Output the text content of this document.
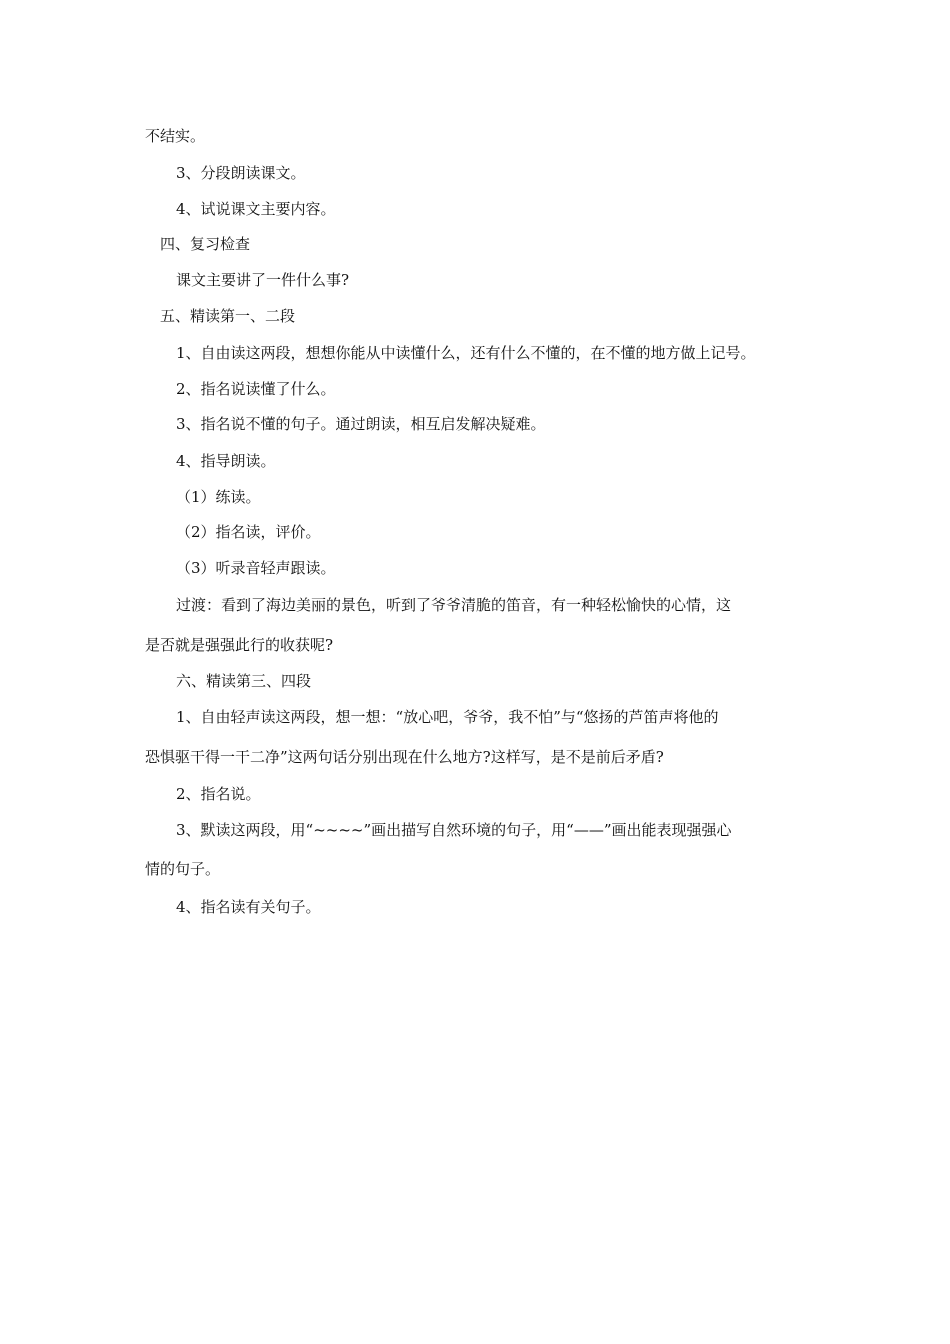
不结实。
3、分段朗读课文。
4、试说课文主要内容。
四、复习检查
课文主要讲了一件什么事?
五、精读第一、二段
1、自由读这两段，想想你能从中读懂什么，还有什么不懂的，在不懂的地方做上记号。
2、指名说读懂了什么。
3、指名说不懂的句子。通过朗读，相互启发解决疑难。
4、指导朗读。
（1）练读。
（2）指名读，评价。
（3）听录音轻声跟读。
过渡：看到了海边美丽的景色，听到了爷爷清脆的笛音，有一种轻松愉快的心情，这
是否就是强强此行的收获呢?
六、精读第三、四段
1、自由轻声读这两段，想一想：“放心吧，爷爷，我不怕”与“悠扬的芦笛声将他的
恐惧驱干得一干二净”这两句话分别出现在什么地方?这样写，是不是前后矛盾?
2、指名说。
3、默读这两段，用“~~~~”画出描写自然环境的句子，用“——”画出能表现强强心
情的句子。
4、指名读有关句子。
